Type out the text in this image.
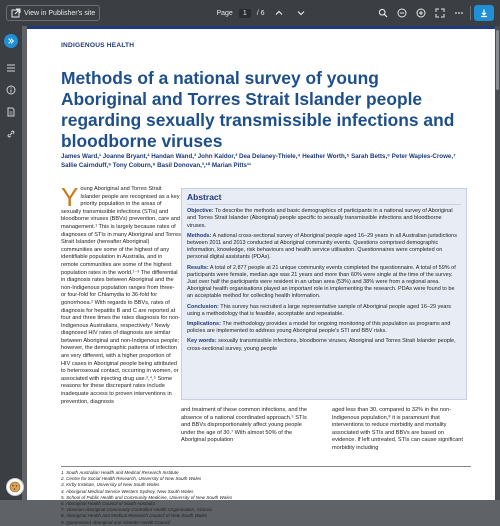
View in Publisher's site	Page	1	/ 6
INDIGENOUS HEALTH
Methods of a national survey of young Aboriginal and Torres Strait Islander people regarding sexually transmissible infections and bloodborne viruses
James Ward,¹ Joanne Bryant,² Handan Wand,³ John Kaldor,³ Dea Delaney-Thiele,⁴ Heather Worth,⁵ Sarah Betts,⁶ Peter Waples-Crowe,⁷ Sallie Cairnduff,⁸ Tony Coburn,⁹ Basil Donovan,³,¹⁰ Marian Pitts¹¹
Y oung Aboriginal and Torres Strait Islander people are recognised as a key priority population in the areas of sexually transmissible infections (STIs) and bloodborne viruses (BBVs) prevention, care and management.¹ This is largely because rates of diagnoses of STIs in many Aboriginal and Torres Strait Islander (hereafter Aboriginal) communities are some of the highest of any identifiable population in Australia, and in remote communities are some of the highest population rates in the world.¹⁻³ The differential in diagnosis rates between Aboriginal and the non-Indigenous population ranges from three- or four-fold for Chlamydia to 36-fold for gonorrhoea.² With regards to BBVs, rates of diagnosis for hepatitis B and C are reported at four and three times the rates diagnosis for non-Indigenous Australians, respectively.² Newly diagnosed HIV rates of diagnosis are similar between Aboriginal and non-Indigenous people; however, the demographic patterns of infection are very different, with a higher proportion of HIV cases in Aboriginal people being attributed to heterosexual contact, occurring in women, or associated with injecting drug use.²,⁴,⁵ Some reasons for these discrepant rates include inadequate access to proven interventions in prevention, diagnosis
Abstract

Objective: To describe the methods and basic demographics of participants in a national survey of Aboriginal and Torres Strait Islander (Aboriginal) people specific to sexually transmissible infections and bloodborne viruses.

Methods: A national cross-sectional survey of Aboriginal people aged 16–29 years in all Australian jurisdictions between 2011 and 2013 conducted at Aboriginal community events. Questions comprised demographic information, knowledge, risk behaviours and health service utilisation. Questionnaires were completed on personal digital assistants (PDAs).

Results: A total of 2,877 people at 21 unique community events completed the questionnaire. A total of 59% of participants were female, median age was 21 years and more than 60% were single at the time of the survey. Just over half the participants were resident in an urban area (53%) and 38% were from a regional area. Aboriginal health organisations played an important role in implementing the research. PDAs were found to be an acceptable method for collecting health information.

Conclusion: This survey has recruited a large representative sample of Aboriginal people aged 16–29 years using a methodology that is feasible, acceptable and repeatable.

Implications: The methodology provides a model for ongoing monitoring of this population as programs and policies are implemented to address young Aboriginal people's STI and BBV risks.

Key words: sexually transmissible infections, bloodborne viruses, Aboriginal and Torres Strait Islander people, cross-sectional survey, young people

and treatment of these common infections, and the absence of a national coordinated approach.⁵ STIs and BBVs disproportionately affect young people under the age of 30.⁷ With almost 50% of the Aboriginal population
aged less than 30, compared to 32% in the non-Indigenous population,⁸ it is paramount that interventions to reduce morbidity and mortality associated with STIs and BBVs are based on evidence. If left untreated, STIs can cause significant morbidity including
1. South Australian Health and Medical Research Institute
2. Centre for Social Health Research, University of New South Wales
3. Kirby Institute, University of New South Wales
4. Aboriginal Medical Service Western Sydney, New South Wales
5. School of Public Health and Community Medicine, University of New South Wales
6. Aboriginal Health Council of South Australia
7. Victorian Aboriginal Community Controlled Health Organisation, Victoria
8. Aboriginal Health and Medical Research Council of New South Wales
9. Queensland Aboriginal and Islander Health Council
